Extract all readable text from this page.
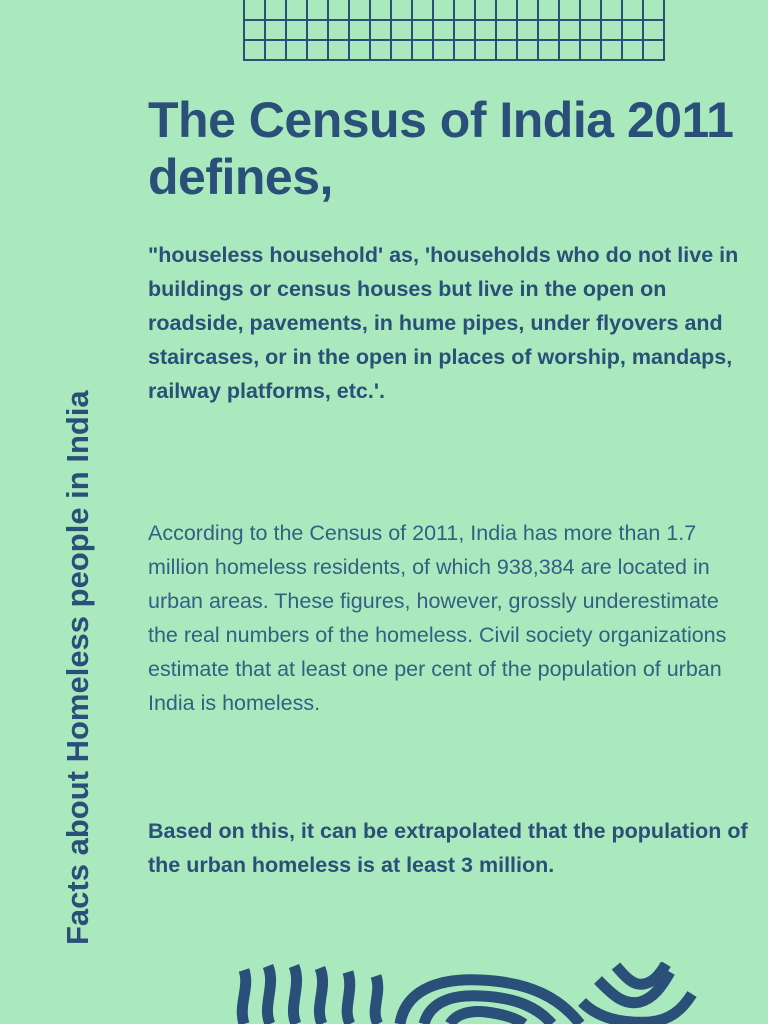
Facts about Homeless people in India
The Census of India 2011 defines,

"houseless household' as, 'households who do not live in buildings or census houses but live in the open on roadside, pavements, in hume pipes, under flyovers and staircases, or in the open in places of worship, mandaps, railway platforms, etc.'.

According to the Census of 2011, India has more than 1.7 million homeless residents, of which 938,384 are located in urban areas. These figures, however, grossly underestimate the real numbers of the homeless. Civil society organizations estimate that at least one per cent of the population of urban India is homeless.

Based on this, it can be extrapolated that the population of the urban homeless is at least 3 million.
